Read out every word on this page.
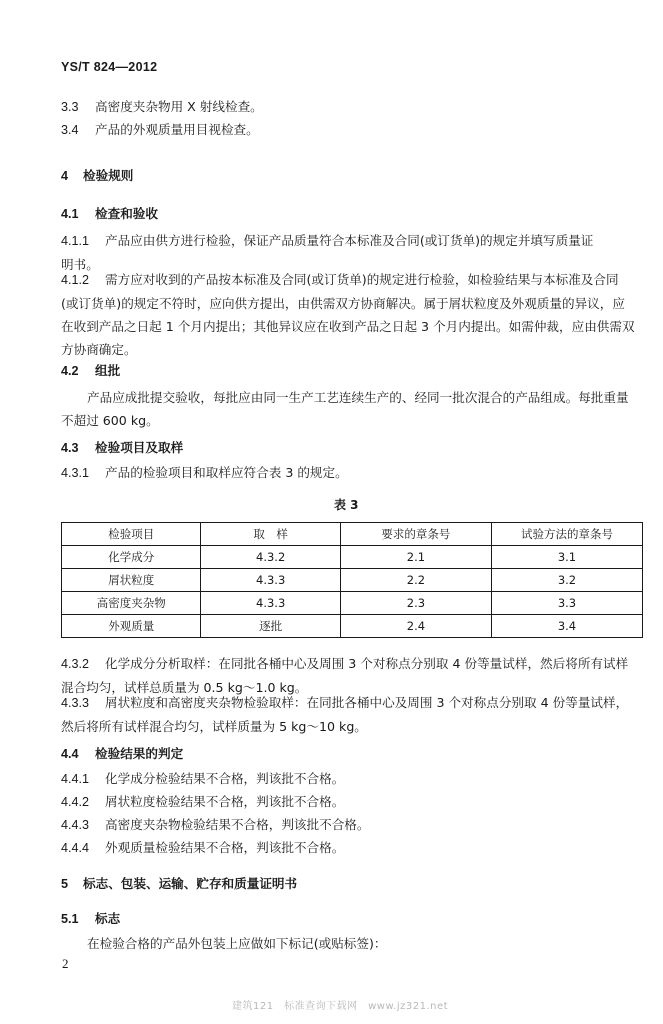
YS/T 824—2012
3.3 高密度夹杂物用 X 射线检查。
3.4 产品的外观质量用目视检查。
4 检验规则
4.1 检查和验收
4.1.1 产品应由供方进行检验，保证产品质量符合本标准及合同(或订货单)的规定并填写质量证
明书。
4.1.2 需方应对收到的产品按本标准及合同(或订货单)的规定进行检验，如检验结果与本标准及合同
(或订货单)的规定不符时，应向供方提出，由供需双方协商解决。属于屑状粒度及外观质量的异议，应
在收到产品之日起 1 个月内提出；其他异议应在收到产品之日起 3 个月内提出。如需仲裁，应由供需双
方协商确定。
4.2 组批
产品应成批提交验收，每批应由同一生产工艺连续生产的、经同一批次混合的产品组成。每批重量
不超过 600 kg。
4.3 检验项目及取样
4.3.1 产品的检验项目和取样应符合表 3 的规定。
表 3
检验项目	取　样	要求的章条号	试验方法的章条号
化学成分	4.3.2	2.1	3.1
屑状粒度	4.3.3	2.2	3.2
高密度夹杂物	4.3.3	2.3	3.3
外观质量	逐批	2.4	3.4
4.3.2 化学成分分析取样：在同批各桶中心及周围 3 个对称点分别取 4 份等量试样，然后将所有试样
混合均匀，试样总质量为 0.5 kg～1.0 kg。
4.3.3 屑状粒度和高密度夹杂物检验取样：在同批各桶中心及周围 3 个对称点分别取 4 份等量试样，
然后将所有试样混合均匀，试样质量为 5 kg～10 kg。
4.4 检验结果的判定
4.4.1 化学成分检验结果不合格，判该批不合格。
4.4.2 屑状粒度检验结果不合格，判该批不合格。
4.4.3 高密度夹杂物检验结果不合格，判该批不合格。
4.4.4 外观质量检验结果不合格，判该批不合格。
5 标志、包装、运输、贮存和质量证明书
5.1 标志
在检验合格的产品外包装上应做如下标记(或贴标签)：
2
建筑121　标准查询下载网　www.jz321.net
